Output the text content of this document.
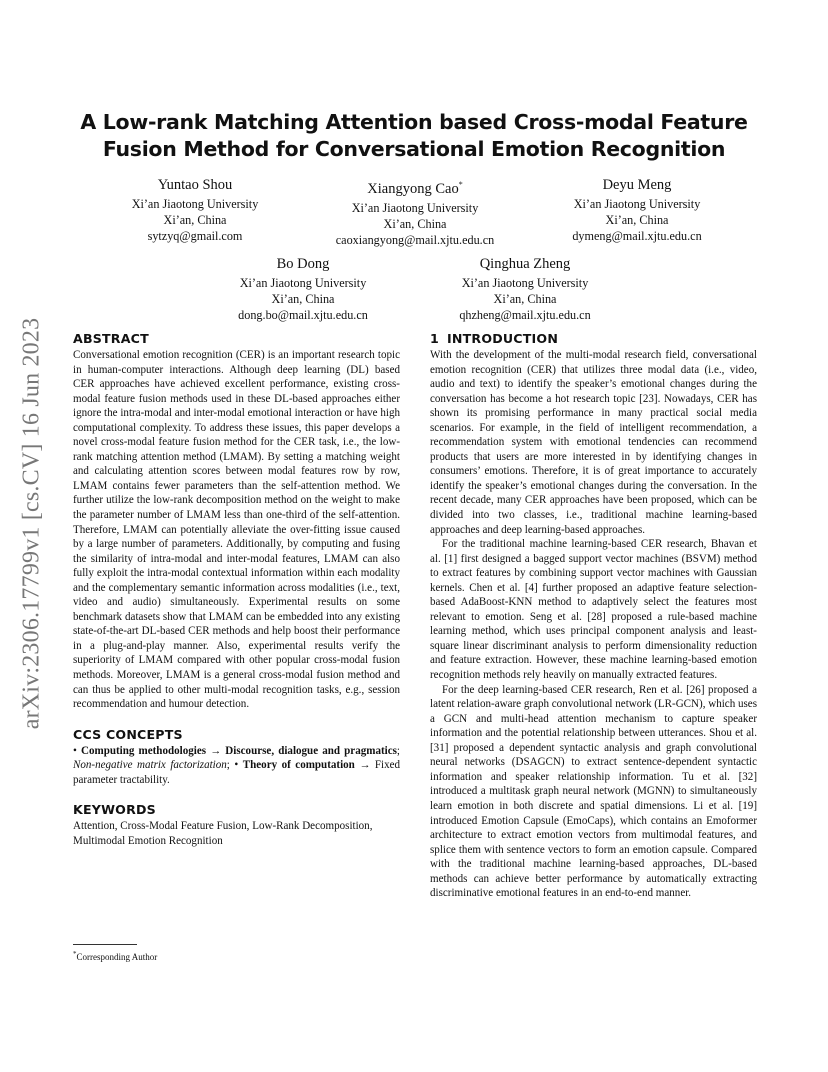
arXiv:2306.17799v1 [cs.CV] 16 Jun 2023
A Low-rank Matching Attention based Cross-modal Feature Fusion Method for Conversational Emotion Recognition
Yuntao Shou
Xi’an Jiaotong University
Xi’an, China
sytzyq@gmail.com
Xiangyong Cao*
Xi’an Jiaotong University
Xi’an, China
caoxiangyong@mail.xjtu.edu.cn
Deyu Meng
Xi’an Jiaotong University
Xi’an, China
dymeng@mail.xjtu.edu.cn
Bo Dong
Xi’an Jiaotong University
Xi’an, China
dong.bo@mail.xjtu.edu.cn
Qinghua Zheng
Xi’an Jiaotong University
Xi’an, China
qhzheng@mail.xjtu.edu.cn
ABSTRACT

Conversational emotion recognition (CER) is an important research topic in human-computer interactions. Although deep learning (DL) based CER approaches have achieved excellent performance, existing cross-modal feature fusion methods used in these DL-based approaches either ignore the intra-modal and inter-modal emotional interaction or have high computational complexity. To address these issues, this paper develops a novel cross-modal feature fusion method for the CER task, i.e., the low-rank matching attention method (LMAM). By setting a matching weight and calculating attention scores between modal features row by row, LMAM contains fewer parameters than the self-attention method. We further utilize the low-rank decomposition method on the weight to make the parameter number of LMAM less than one-third of the self-attention. Therefore, LMAM can potentially alleviate the over-fitting issue caused by a large number of parameters. Additionally, by computing and fusing the similarity of intra-modal and inter-modal features, LMAM can also fully exploit the intra-modal contextual information within each modality and the complementary semantic information across modalities (i.e., text, video and audio) simultaneously. Experimental results on some benchmark datasets show that LMAM can be embedded into any existing state-of-the-art DL-based CER methods and help boost their performance in a plug-and-play manner. Also, experimental results verify the superiority of LMAM compared with other popular cross-modal fusion methods. Moreover, LMAM is a general cross-modal fusion method and can thus be applied to other multi-modal recognition tasks, e.g., session recommendation and humour detection.

CCS CONCEPTS

• Computing methodologies → Discourse, dialogue and pragmatics; Non-negative matrix factorization; • Theory of computation → Fixed parameter tractability.

KEYWORDS

Attention, Cross-Modal Feature Fusion, Low-Rank Decomposition, Multimodal Emotion Recognition

*Corresponding Author
1 INTRODUCTION

With the development of the multi-modal research field, conversational emotion recognition (CER) that utilizes three modal data (i.e., video, audio and text) to identify the speaker’s emotional changes during the conversation has become a hot research topic [23]. Nowadays, CER has shown its promising performance in many practical social media scenarios. For example, in the field of intelligent recommendation, a recommendation system with emotional tendencies can recommend products that users are more interested in by identifying changes in consumers’ emotions. Therefore, it is of great importance to accurately identify the speaker’s emotional changes during the conversation. In the recent decade, many CER approaches have been proposed, which can be divided into two classes, i.e., traditional machine learning-based approaches and deep learning-based approaches.

For the traditional machine learning-based CER research, Bhavan et al. [1] first designed a bagged support vector machines (BSVM) method to extract features by combining support vector machines with Gaussian kernels. Chen et al. [4] further proposed an adaptive feature selection-based AdaBoost-KNN method to adaptively select the features most relevant to emotion. Seng et al. [28] proposed a rule-based machine learning method, which uses principal component analysis and least-square linear discriminant analysis to perform dimensionality reduction and feature extraction. However, these machine learning-based emotion recognition methods rely heavily on manually extracted features.

For the deep learning-based CER research, Ren et al. [26] proposed a latent relation-aware graph convolutional network (LR-GCN), which uses a GCN and multi-head attention mechanism to capture speaker information and the potential relationship between utterances. Shou et al. [31] proposed a dependent syntactic analysis and graph convolutional neural networks (DSAGCN) to extract sentence-dependent syntactic information and speaker relationship information. Tu et al. [32] introduced a multitask graph neural network (MGNN) to simultaneously learn emotion in both discrete and spatial dimensions. Li et al. [19] introduced Emotion Capsule (EmoCaps), which contains an Emoformer architecture to extract emotion vectors from multimodal features, and splice them with sentence vectors to form an emotion capsule. Compared with the traditional machine learning-based approaches, DL-based methods can achieve better performance by automatically extracting discriminative emotional features in an end-to-end manner.
